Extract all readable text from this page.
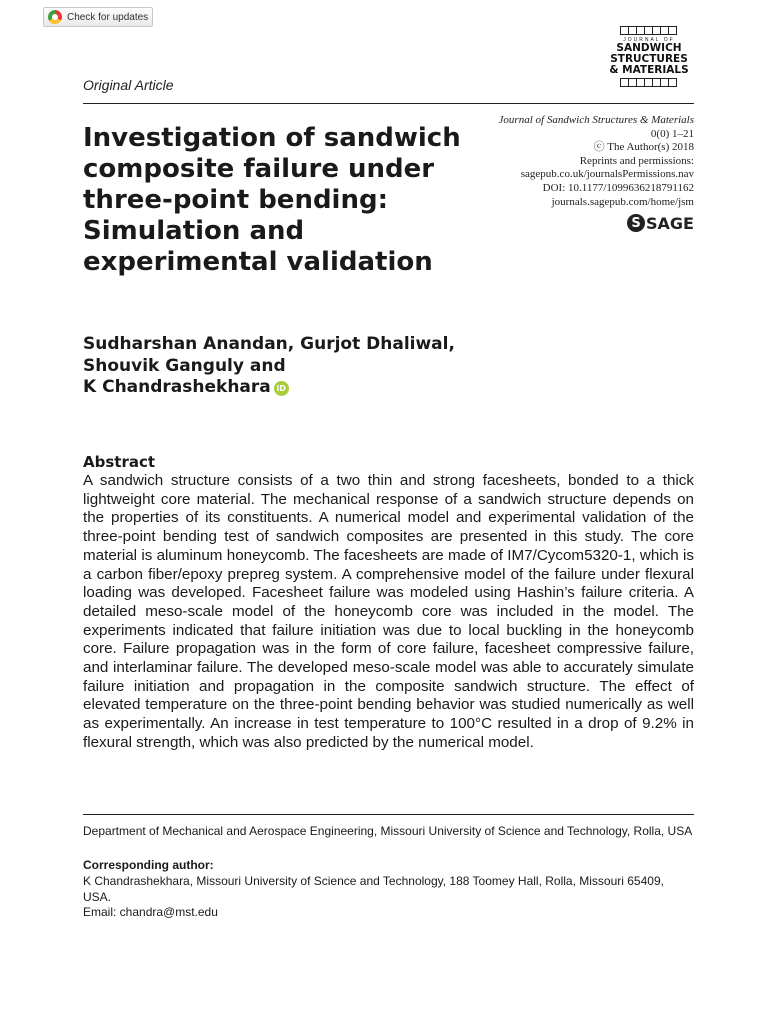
Check for updates
JOURNAL OF
SANDWICH
STRUCTURES
& MATERIALS
Original Article
Investigation of sandwich composite failure under three-point bending: Simulation and experimental validation
Journal of Sandwich Structures & Materials
0(0) 1–21
ⓒ The Author(s) 2018
Reprints and permissions:
sagepub.co.uk/journalsPermissions.nav
DOI: 10.1177/1099636218791162
journals.sagepub.com/home/jsm
S SAGE
Sudharshan Anandan, Gurjot Dhaliwal,
Shouvik Ganguly and
K Chandrashekhara iD
Abstract

A sandwich structure consists of a two thin and strong facesheets, bonded to a thick lightweight core material. The mechanical response of a sandwich structure depends on the properties of its constituents. A numerical model and experimental validation of the three-point bending test of sandwich composites are presented in this study. The core material is aluminum honeycomb. The facesheets are made of IM7/Cycom5320-1, which is a carbon fiber/epoxy prepreg system. A comprehensive model of the failure under flexural loading was developed. Facesheet failure was modeled using Hashin’s failure criteria. A detailed meso-scale model of the honeycomb core was included in the model. The experiments indicated that failure initiation was due to local buckling in the honeycomb core. Failure propagation was in the form of core failure, facesheet compressive failure, and interlaminar failure. The developed meso-scale model was able to accurately simulate failure initiation and propagation in the composite sandwich structure. The effect of elevated temperature on the three-point bending behavior was studied numerically as well as experimentally. An increase in test temperature to 100°C resulted in a drop of 9.2% in flexural strength, which was also predicted by the numerical model.

Department of Mechanical and Aerospace Engineering, Missouri University of Science and Technology, Rolla, USA

Corresponding author:

K Chandrashekhara, Missouri University of Science and Technology, 188 Toomey Hall, Rolla, Missouri 65409, USA.

Email: chandra@mst.edu
